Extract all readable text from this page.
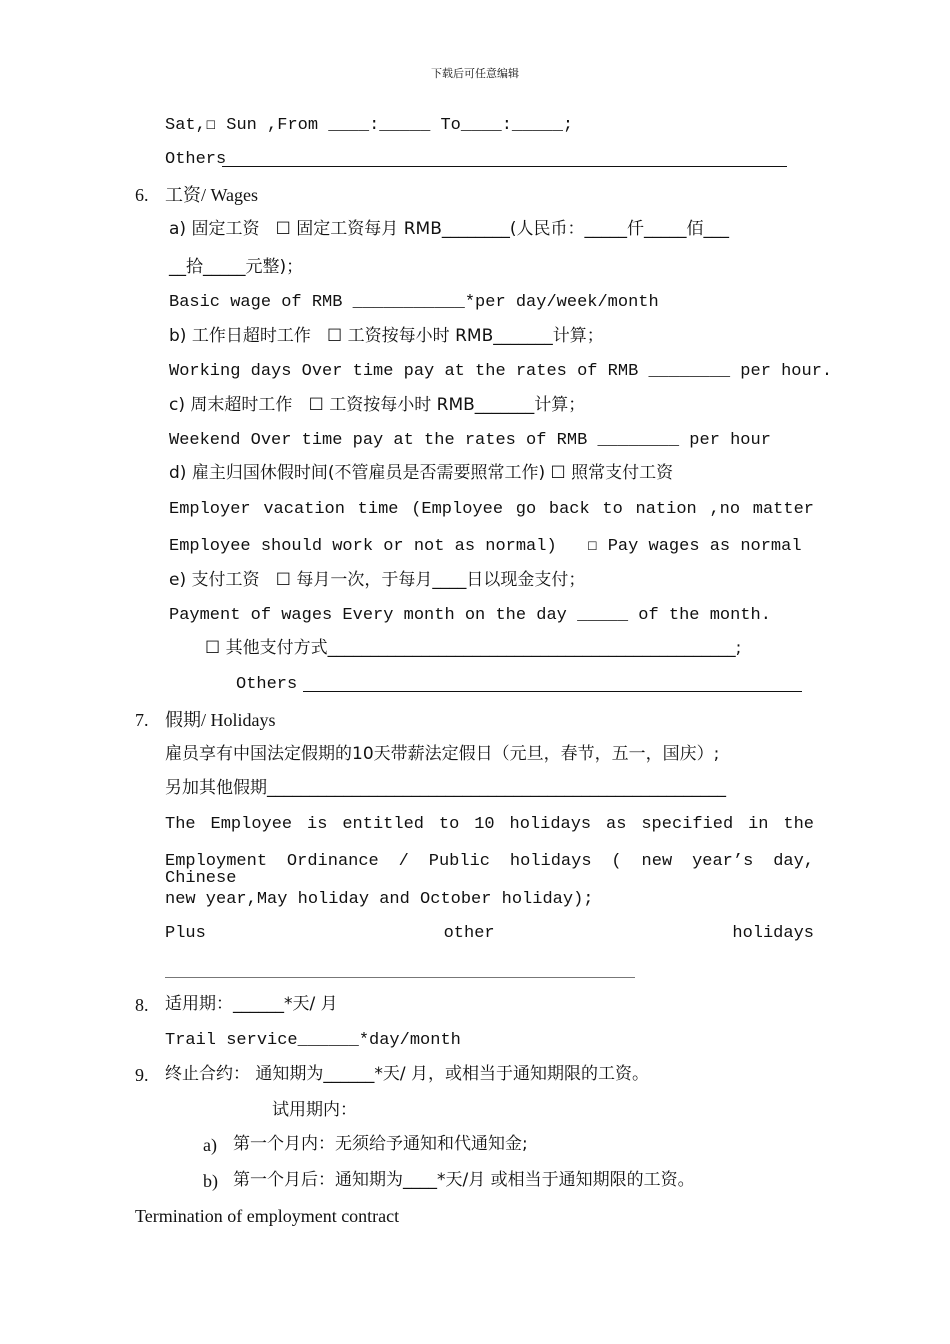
下载后可任意编辑
Sat,☐ Sun ,From ____:_____ To____:_____;
Others
6. 工资/ Wages
a) 固定工资   ☐ 固定工资每月 RMB________(人民币：_____仟_____佰___
__拾_____元整)；
Basic wage of RMB ___________*per day/week/month
b) 工作日超时工作   ☐ 工资按每小时 RMB_______计算；
Working days Over time pay at the rates of RMB ________ per hour.
c) 周末超时工作   ☐ 工资按每小时 RMB_______计算；
Weekend Over time pay at the rates of RMB ________ per hour
d) 雇主归国休假时间(不管雇员是否需要照常工作) ☐ 照常支付工资
Employer vacation time (Employee go back to nation ,no matter
Employee should work or not as normal)   ☐ Pay wages as normal
e) 支付工资   ☐ 每月一次，于每月____日以现金支付；
Payment of wages Every month on the day _____ of the month.
☐ 其他支付方式________________________________________________;
Others
7. 假期/ Holidays
雇员享有中国法定假期的10天带薪法定假日（元旦，春节，五一，国庆）;
另加其他假期______________________________________________________
The Employee is entitled to 10 holidays as specified in the
Employment Ordinance / Public holidays ( new year’s day, Chinese
new year,May holiday and October holiday);
Plus other holidays
8. 适用期：______*天/ 月
Trail service______*day/month
9. 终止合约： 通知期为______*天/ 月，或相当于通知期限的工资。
试用期内：
a) 第一个月内：无须给予通知和代通知金;
b) 第一个月后：通知期为____*天/月 或相当于通知期限的工资。
Termination of employment contract
